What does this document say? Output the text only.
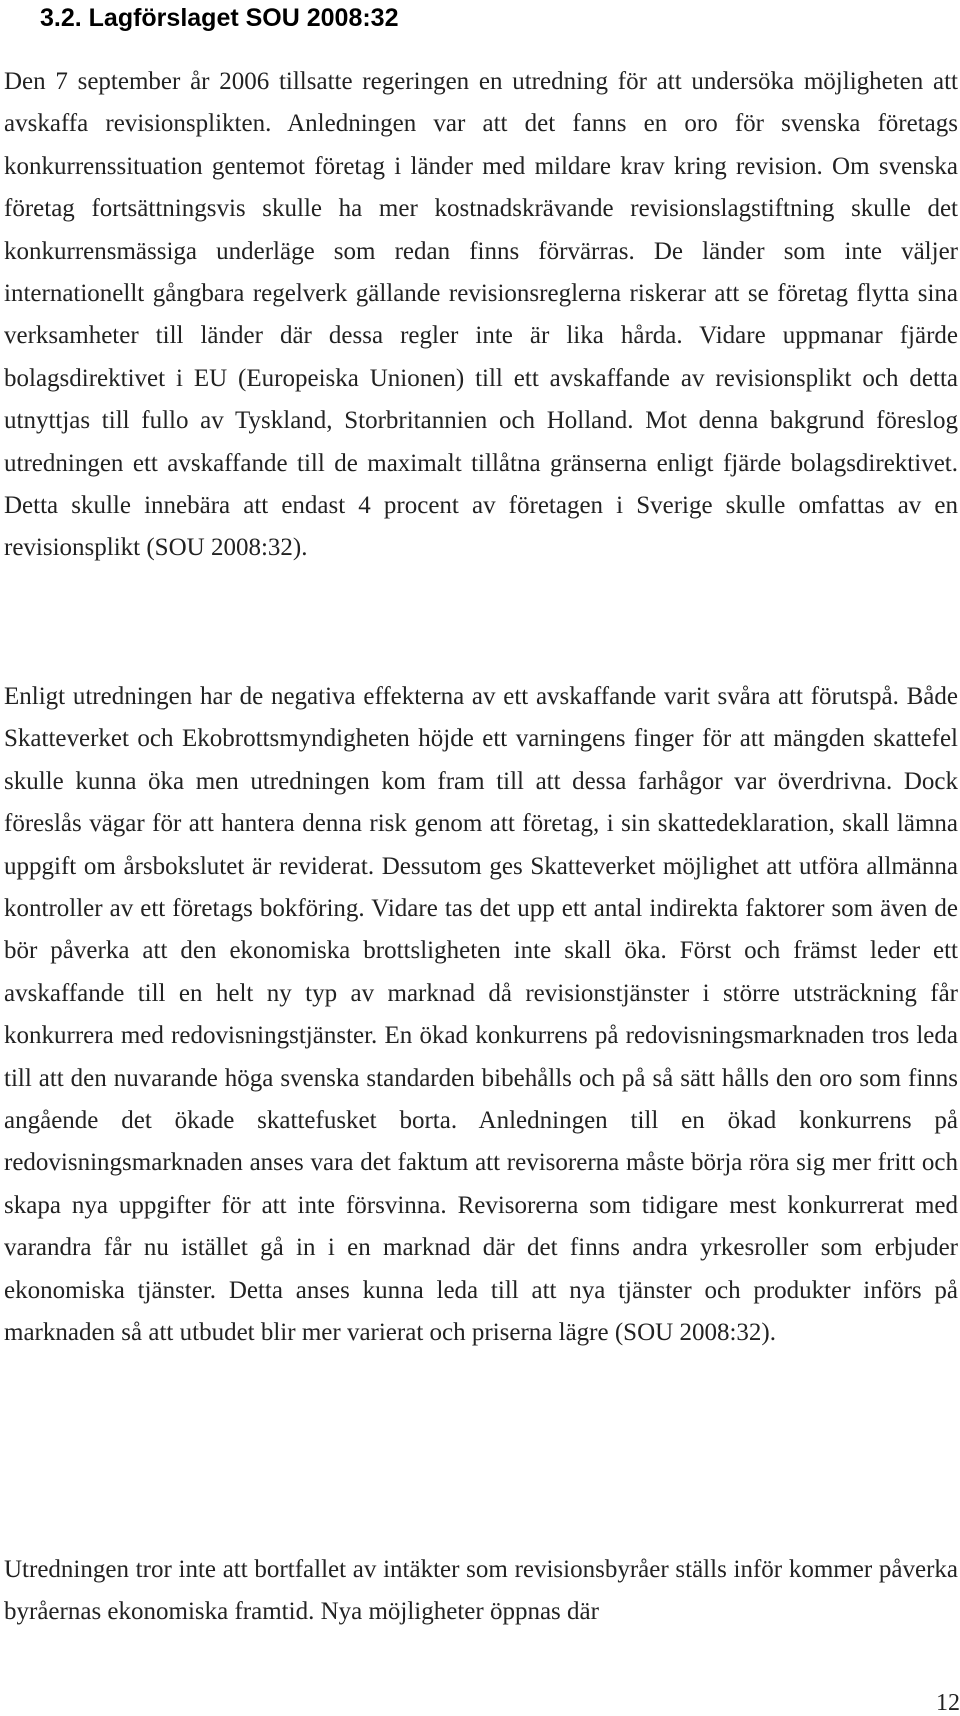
3.2. Lagförslaget SOU 2008:32

Den 7 september år 2006 tillsatte regeringen en utredning för att undersöka möjligheten att avskaffa revisionsplikten. Anledningen var att det fanns en oro för svenska företags konkurrenssituation gentemot företag i länder med mildare krav kring revision. Om svenska företag fortsättningsvis skulle ha mer kostnadskrävande revisionslagstiftning skulle det konkurrensmässiga underläge som redan finns förvärras. De länder som inte väljer internationellt gångbara regelverk gällande revisionsreglerna riskerar att se företag flytta sina verksamheter till länder där dessa regler inte är lika hårda. Vidare uppmanar fjärde bolagsdirektivet i EU (Europeiska Unionen) till ett avskaffande av revisionsplikt och detta utnyttjas till fullo av Tyskland, Storbritannien och Holland. Mot denna bakgrund föreslog utredningen ett avskaffande till de maximalt tillåtna gränserna enligt fjärde bolagsdirektivet. Detta skulle innebära att endast 4 procent av företagen i Sverige skulle omfattas av en revisionsplikt (SOU 2008:32).

Enligt utredningen har de negativa effekterna av ett avskaffande varit svåra att förutspå. Både Skatteverket och Ekobrottsmyndigheten höjde ett varningens finger för att mängden skattefel skulle kunna öka men utredningen kom fram till att dessa farhågor var överdrivna. Dock föreslås vägar för att hantera denna risk genom att företag, i sin skattedeklaration, skall lämna uppgift om årsbokslutet är reviderat. Dessutom ges Skatteverket möjlighet att utföra allmänna kontroller av ett företags bokföring. Vidare tas det upp ett antal indirekta faktorer som även de bör påverka att den ekonomiska brottsligheten inte skall öka. Först och främst leder ett avskaffande till en helt ny typ av marknad då revisionstjänster i större utsträckning får konkurrera med redovisningstjänster. En ökad konkurrens på redovisningsmarknaden tros leda till att den nuvarande höga svenska standarden bibehålls och på så sätt hålls den oro som finns angående det ökade skattefusket borta. Anledningen till en ökad konkurrens på redovisningsmarknaden anses vara det faktum att revisorerna måste börja röra sig mer fritt och skapa nya uppgifter för att inte försvinna. Revisorerna som tidigare mest konkurrerat med varandra får nu istället gå in i en marknad där det finns andra yrkesroller som erbjuder ekonomiska tjänster. Detta anses kunna leda till att nya tjänster och produkter införs på marknaden så att utbudet blir mer varierat och priserna lägre (SOU 2008:32).

Utredningen tror inte att bortfallet av intäkter som revisionsbyråer ställs inför kommer påverka byråernas ekonomiska framtid. Nya möjligheter öppnas där

12
